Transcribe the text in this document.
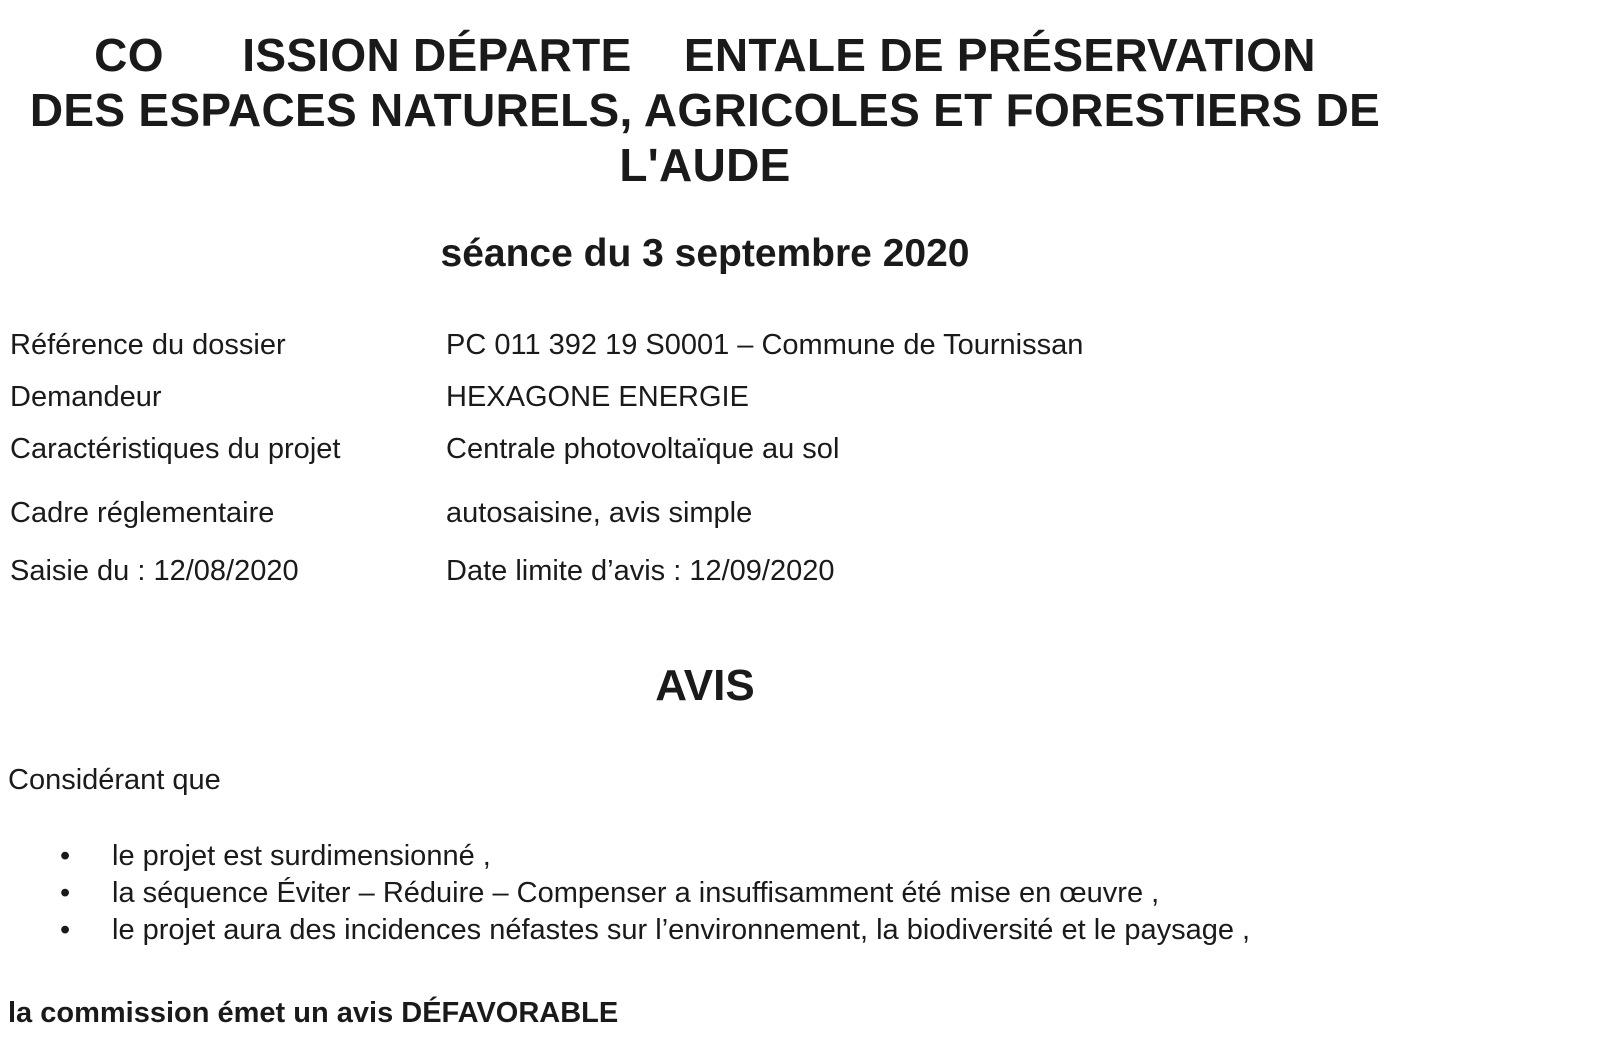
CO      ISSION DÉPARTE    ENTALE DE PRÉSERVATION
DES ESPACES NATURELS, AGRICOLES ET FORESTIERS DE
L'AUDE
séance du 3 septembre 2020
Référence du dossier	PC 011 392 19 S0001 – Commune de Tournissan
Demandeur	HEXAGONE ENERGIE
Caractéristiques du projet	Centrale photovoltaïque au sol
Cadre réglementaire	autosaisine, avis simple
Saisie du : 12/08/2020	Date limite d’avis : 12/09/2020
AVIS
Considérant que
• le projet est surdimensionné ,
• la séquence Éviter – Réduire – Compenser a insuffisamment été mise en œuvre ,
• le projet aura des incidences néfastes sur l’environnement, la biodiversité et le paysage ,
la commission émet un avis DÉFAVORABLE
